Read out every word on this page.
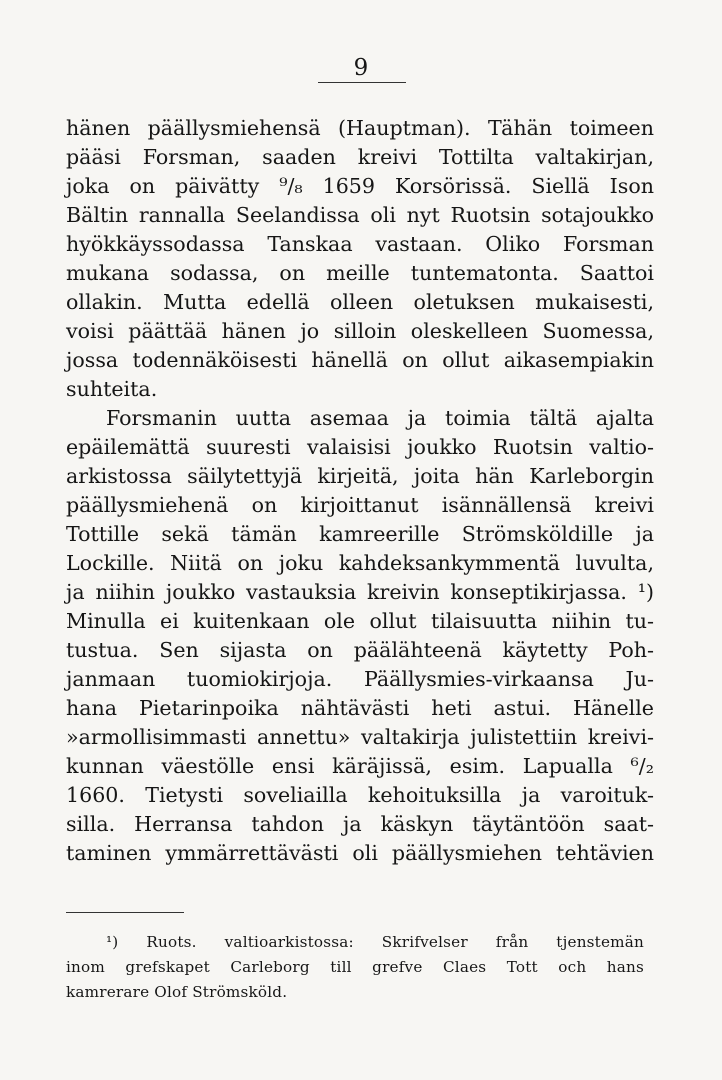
9
hänen päällysmiehensä (Hauptman). Tähän toimeen
pääsi Forsman, saaden kreivi Tottilta valtakirjan,
joka on päivätty ⁹/₈ 1659 Korsörissä. Siellä Ison
Bältin rannalla Seelandissa oli nyt Ruotsin sotajoukko
hyökkäyssodassa Tanskaa vastaan. Oliko Forsman
mukana sodassa, on meille tuntematonta. Saattoi
ollakin. Mutta edellä olleen oletuksen mukaisesti,
voisi päättää hänen jo silloin oleskelleen Suomessa,
jossa todennäköisesti hänellä on ollut aikasempiakin
suhteita.
Forsmanin uutta asemaa ja toimia tältä ajalta
epäilemättä suuresti valaisisi joukko Ruotsin valtio-
arkistossa säilytettyjä kirjeitä, joita hän Karleborgin
päällysmiehenä on kirjoittanut isännällensä kreivi
Tottille sekä tämän kamreerille Strömsköldille ja
Lockille. Niitä on joku kahdeksankymmentä luvulta,
ja niihin joukko vastauksia kreivin konseptikirjassa. ¹)
Minulla ei kuitenkaan ole ollut tilaisuutta niihin tu-
tustua. Sen sijasta on päälähteenä käytetty Poh-
janmaan tuomiokirjoja. Päällysmies-virkaansa Ju-
hana Pietarinpoika nähtävästi heti astui. Hänelle
»armollisimmasti annettu» valtakirja julistettiin kreivi-
kunnan väestölle ensi käräjissä, esim. Lapualla ⁶/₂
1660. Tietysti soveliailla kehoituksilla ja varoituk-
silla. Herransa tahdon ja käskyn täytäntöön saat-
taminen ymmärrettävästi oli päällysmiehen tehtävien
¹) Ruots. valtioarkistossa: Skrifvelser från tjenstemän
inom grefskapet Carleborg till grefve Claes Tott och hans
kamrerare Olof Strömsköld.
